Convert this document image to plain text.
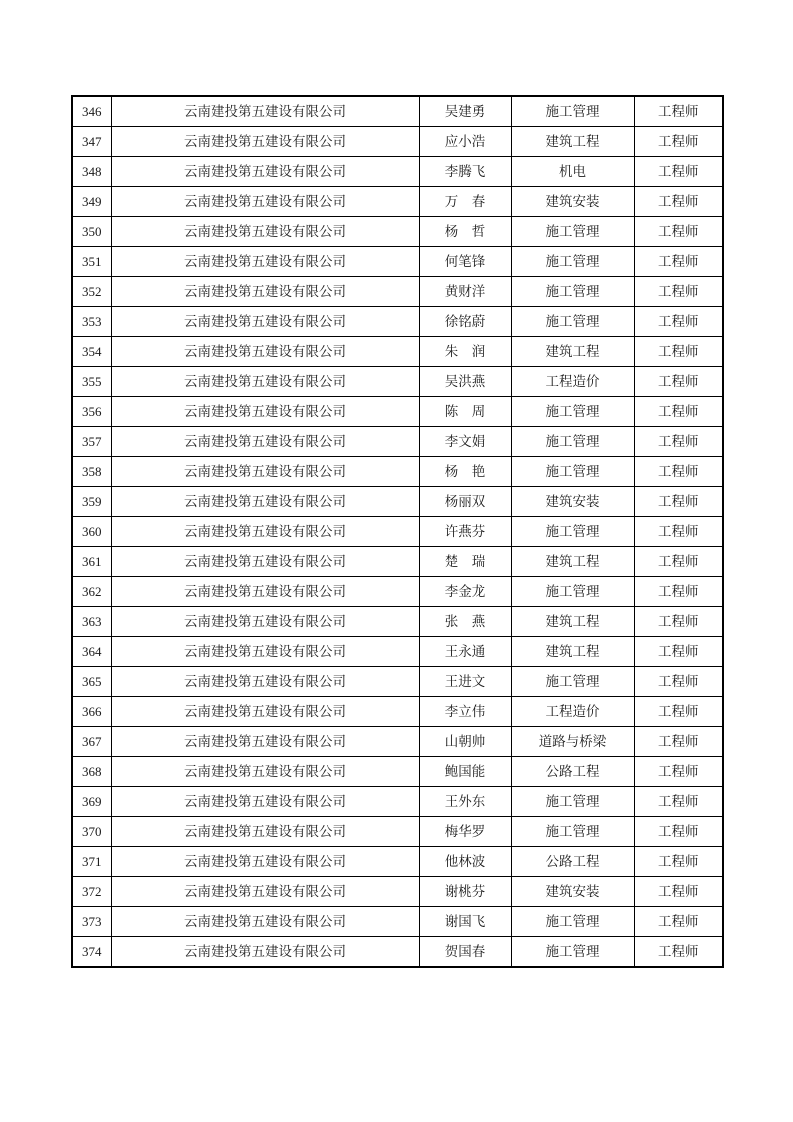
346	云南建投第五建设有限公司	吴建勇	施工管理	工程师
347	云南建投第五建设有限公司	应小浩	建筑工程	工程师
348	云南建投第五建设有限公司	李腾飞	机电	工程师
349	云南建投第五建设有限公司	万　春	建筑安装	工程师
350	云南建投第五建设有限公司	杨　哲	施工管理	工程师
351	云南建投第五建设有限公司	何笔锋	施工管理	工程师
352	云南建投第五建设有限公司	黄财洋	施工管理	工程师
353	云南建投第五建设有限公司	徐铭蔚	施工管理	工程师
354	云南建投第五建设有限公司	朱　润	建筑工程	工程师
355	云南建投第五建设有限公司	吴洪燕	工程造价	工程师
356	云南建投第五建设有限公司	陈　周	施工管理	工程师
357	云南建投第五建设有限公司	李文娟	施工管理	工程师
358	云南建投第五建设有限公司	杨　艳	施工管理	工程师
359	云南建投第五建设有限公司	杨丽双	建筑安装	工程师
360	云南建投第五建设有限公司	许燕芬	施工管理	工程师
361	云南建投第五建设有限公司	楚　瑞	建筑工程	工程师
362	云南建投第五建设有限公司	李金龙	施工管理	工程师
363	云南建投第五建设有限公司	张　燕	建筑工程	工程师
364	云南建投第五建设有限公司	王永通	建筑工程	工程师
365	云南建投第五建设有限公司	王进文	施工管理	工程师
366	云南建投第五建设有限公司	李立伟	工程造价	工程师
367	云南建投第五建设有限公司	山朝帅	道路与桥梁	工程师
368	云南建投第五建设有限公司	鲍国能	公路工程	工程师
369	云南建投第五建设有限公司	王外东	施工管理	工程师
370	云南建投第五建设有限公司	梅华罗	施工管理	工程师
371	云南建投第五建设有限公司	他林波	公路工程	工程师
372	云南建投第五建设有限公司	谢桃芬	建筑安装	工程师
373	云南建投第五建设有限公司	谢国飞	施工管理	工程师
374	云南建投第五建设有限公司	贺国春	施工管理	工程师
